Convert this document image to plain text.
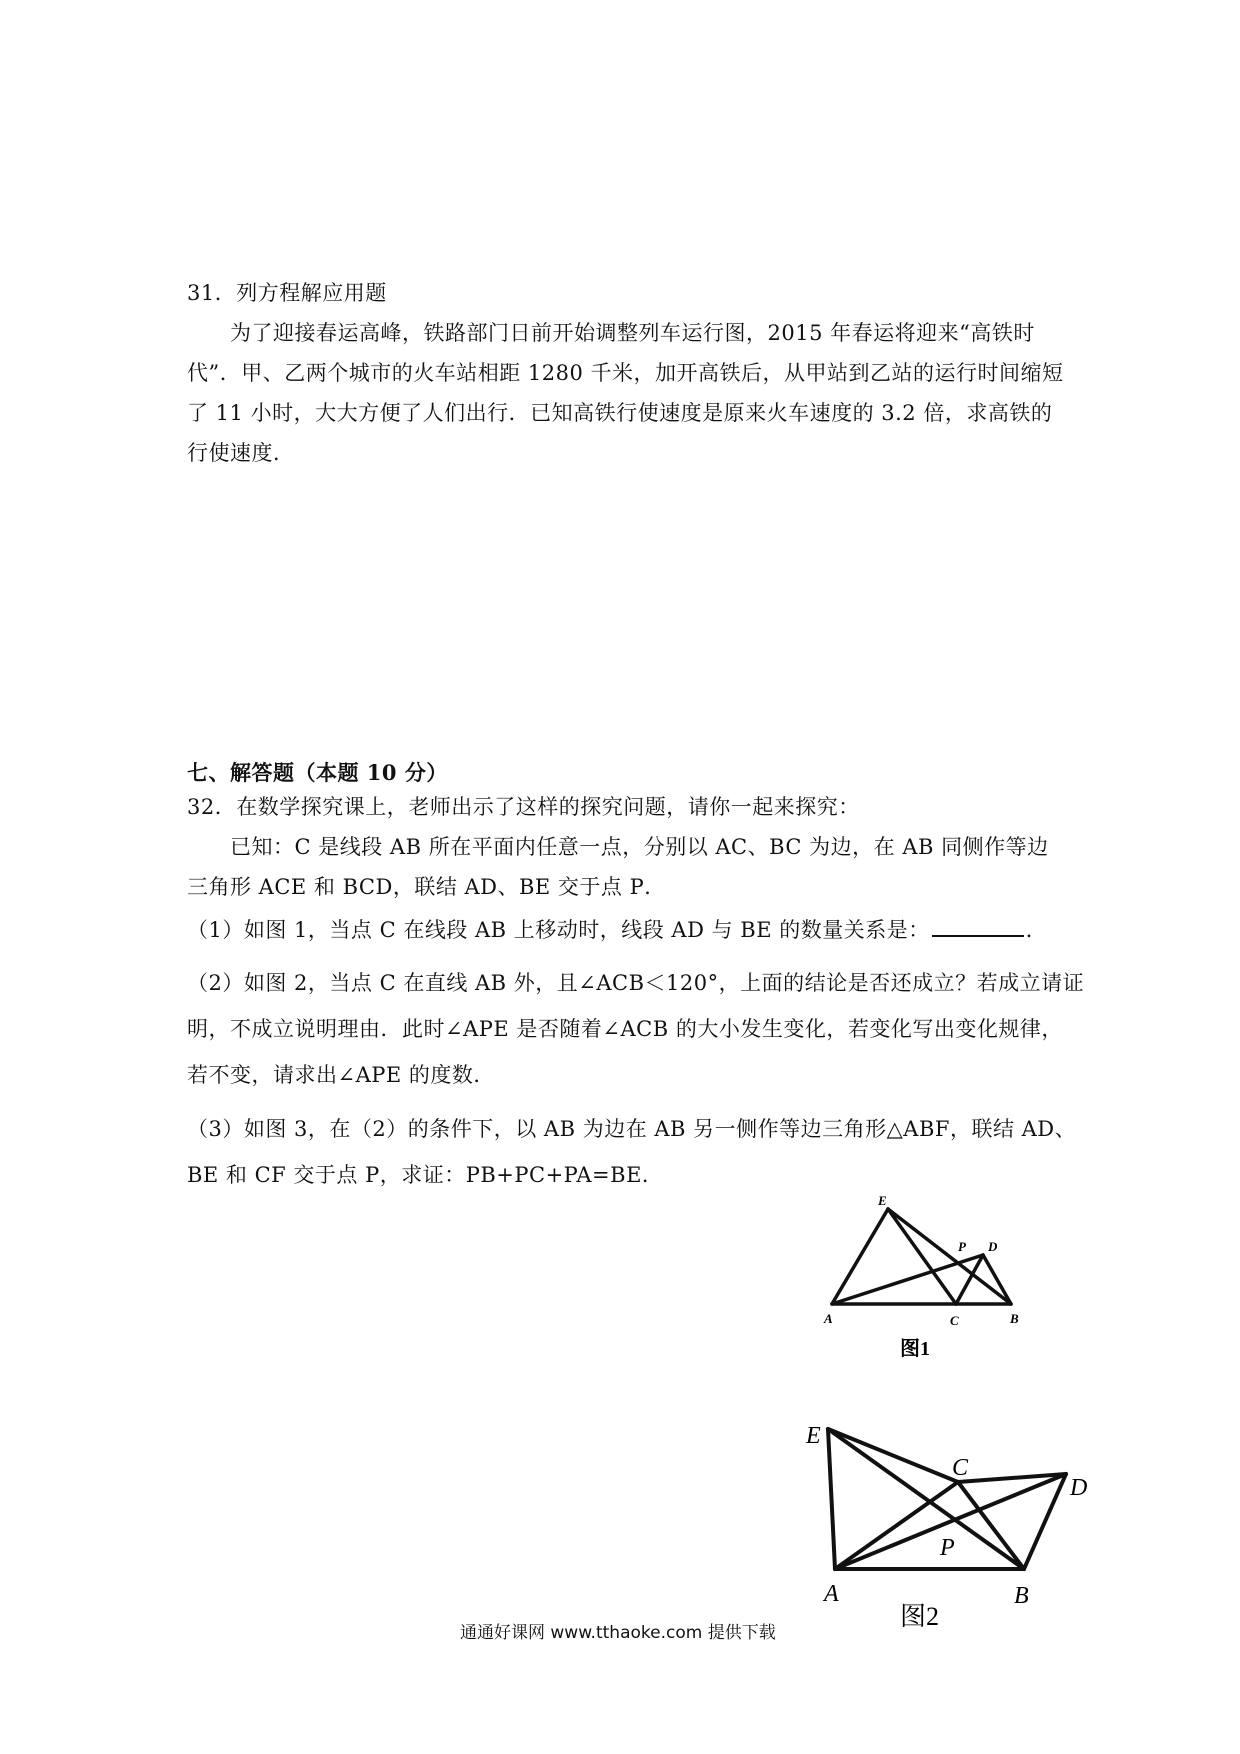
31．列方程解应用题
为了迎接春运高峰，铁路部门日前开始调整列车运行图，2015 年春运将迎来“高铁时
代”．甲、乙两个城市的火车站相距 1280 千米，加开高铁后，从甲站到乙站的运行时间缩短
了 11 小时，大大方便了人们出行．已知高铁行使速度是原来火车速度的 3.2 倍，求高铁的
行使速度．
七、解答题（本题 10 分）
32．在数学探究课上，老师出示了这样的探究问题，请你一起来探究：
已知：C 是线段 AB 所在平面内任意一点，分别以 AC、BC 为边，在 AB 同侧作等边
三角形 ACE 和 BCD，联结 AD、BE 交于点 P．
（1）如图 1，当点 C 在线段 AB 上移动时，线段 AD 与 BE 的数量关系是：	．
（2）如图 2，当点 C 在直线 AB 外，且∠ACB＜120°，上面的结论是否还成立？若成立请证
明，不成立说明理由．此时∠APE 是否随着∠ACB 的大小发生变化，若变化写出变化规律，
若不变，请求出∠APE 的度数．
（3）如图 3，在（2）的条件下，以 AB 为边在 AB 另一侧作等边三角形△ABF，联结 AD、
BE 和 CF 交于点 P，求证：PB+PC+PA=BE．
E
P D
A	C	B
图1
E
C
D
P
A	B
图2
通通好课网 www.tthaoke.com 提供下载
